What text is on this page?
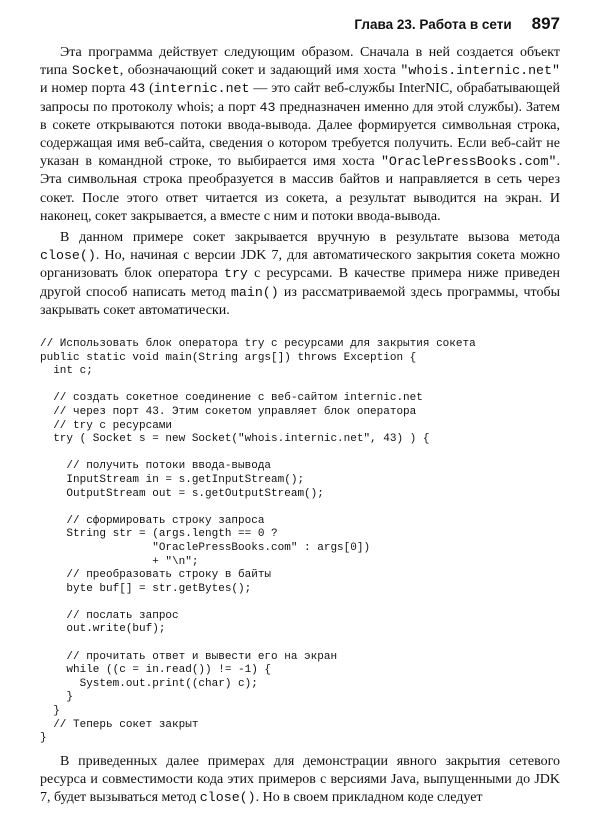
Глава 23. Работа в сети 897

Эта программа действует следующим образом. Сначала в ней создается объект типа Socket, обозначающий сокет и задающий имя хоста "whois.internic.net" и номер порта 43 (internic.net — это сайт веб-службы InterNIC, обрабатывающей запросы по протоколу whois; а порт 43 предназначен именно для этой службы). Затем в сокете открываются потоки ввода-вывода. Далее формируется символьная строка, содержащая имя веб-сайта, сведения о котором требуется получить. Если веб-сайт не указан в командной строке, то выбирается имя хоста "OraclePressBooks.com". Эта символьная строка преобразуется в массив байтов и направляется в сеть через сокет. После этого ответ читается из сокета, а результат выводится на экран. И наконец, сокет закрывается, а вместе с ним и потоки ввода-вывода.

В данном примере сокет закрывается вручную в результате вызова метода close(). Но, начиная с версии JDK 7, для автоматического закрытия сокета можно организовать блок оператора try с ресурсами. В качестве примера ниже приведен другой способ написать метод main() из рассматриваемой здесь программы, чтобы закрывать сокет автоматически.

// Использовать блок оператора try с ресурсами для закрытия сокета
public static void main(String args[]) throws Exception {
int c;

// создать сокетное соединение с веб-сайтом internic.net
// через порт 43. Этим сокетом управляет блок оператора
// try с ресурсами
try ( Socket s = new Socket("whois.internic.net", 43) ) {

// получить потоки ввода-вывода
InputStream in = s.getInputStream();
OutputStream out = s.getOutputStream();

// сформировать строку запроса
String str = (args.length == 0 ?
"OraclePressBooks.com" : args[0])
+ "\n";
// преобразовать строку в байты
byte buf[] = str.getBytes();

// послать запрос
out.write(buf);

// прочитать ответ и вывести его на экран
while ((c = in.read()) != -1) {
System.out.print((char) c);
}
}
// Теперь сокет закрыт
}

В приведенных далее примерах для демонстрации явного закрытия сетевого ресурса и совместимости кода этих примеров с версиями Java, выпущенными до JDK 7, будет вызываться метод close(). Но в своем прикладном коде следует
